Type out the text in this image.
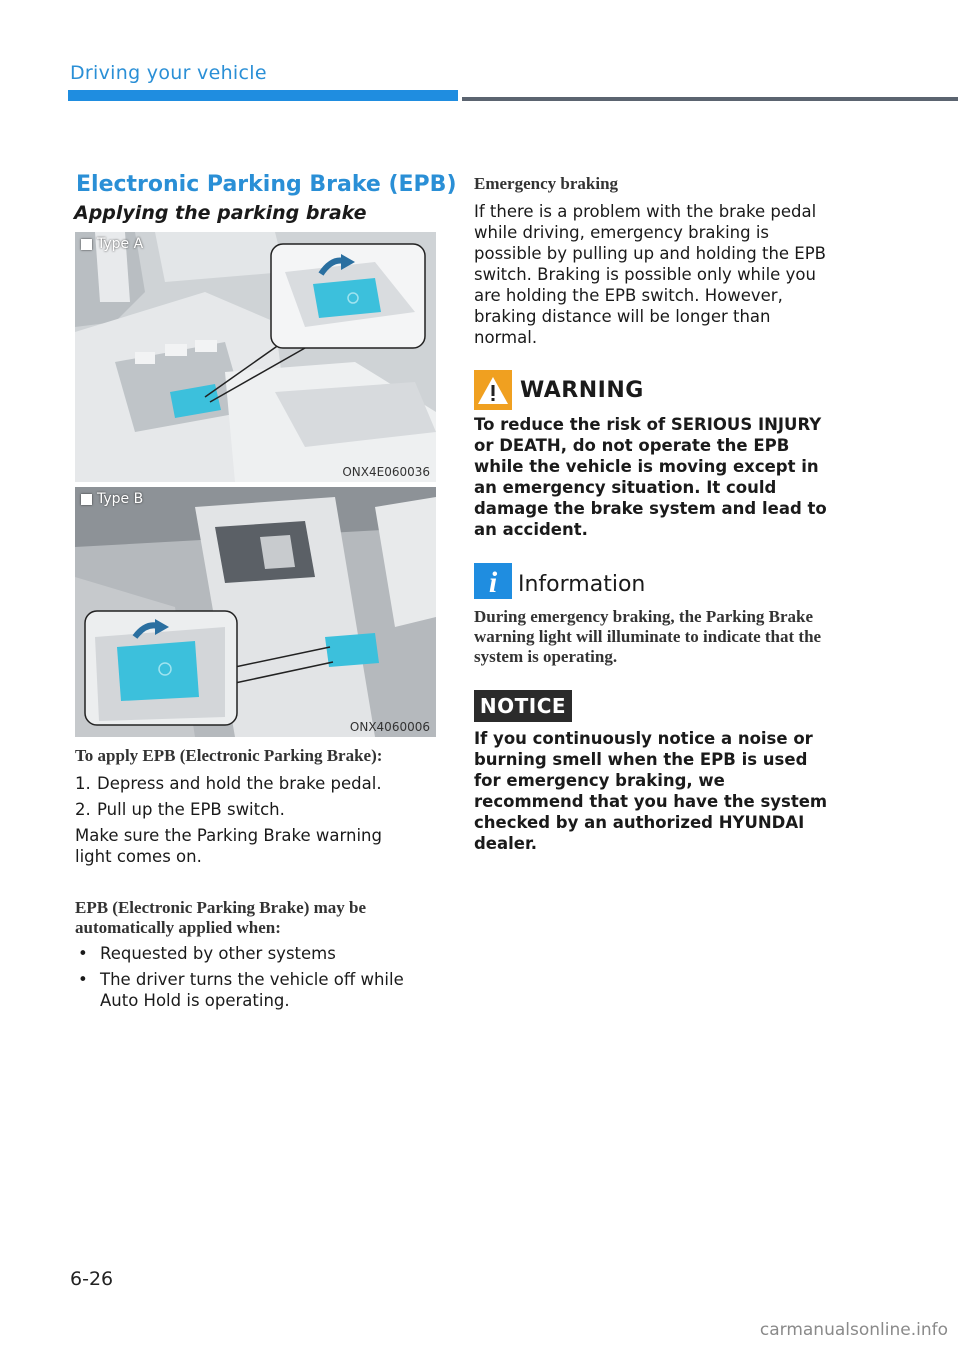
Driving your vehicle
Electronic Parking Brake (EPB)
Applying the parking brake
Type A
ONX4E060036
Type B
ONX4060006
To apply EPB (Electronic Parking Brake):
1. Depress and hold the brake pedal.
2. Pull up the EPB switch.
Make sure the Parking Brake warning light comes on.
EPB (Electronic Parking Brake) may be automatically applied when:
• Requested by other systems
• The driver turns the vehicle off while Auto Hold is operating.
Emergency braking
If there is a problem with the brake pedal while driving, emergency braking is possible by pulling up and holding the EPB switch. Braking is possible only while you are holding the EPB switch. However, braking distance will be longer than normal.
WARNING
To reduce the risk of SERIOUS INJURY or DEATH, do not operate the EPB while the vehicle is moving except in an emergency situation. It could damage the brake system and lead to an accident.
i Information
During emergency braking, the Parking Brake warning light will illuminate to indicate that the system is operating.
NOTICE
If you continuously notice a noise or burning smell when the EPB is used for emergency braking, we recommend that you have the system checked by an authorized HYUNDAI dealer.
6-26
carmanualsonline.info
